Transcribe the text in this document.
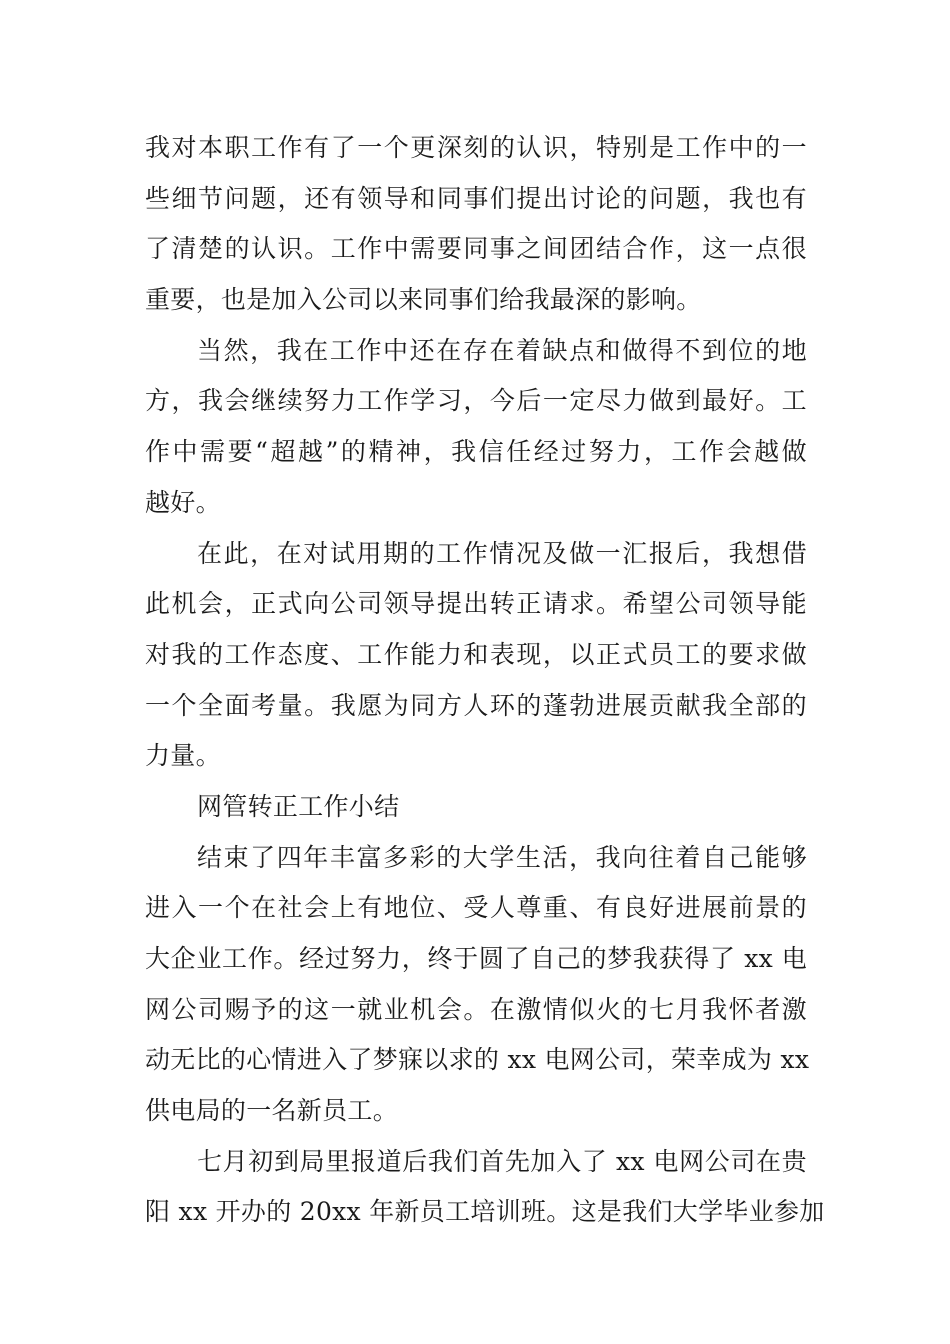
我对本职工作有了一个更深刻的认识，特别是工作中的一
些细节问题，还有领导和同事们提出讨论的问题，我也有
了清楚的认识。工作中需要同事之间团结合作，这一点很
重要，也是加入公司以来同事们给我最深的影响。
当然，我在工作中还在存在着缺点和做得不到位的地
方，我会继续努力工作学习，今后一定尽力做到最好。工
作中需要“超越”的精神，我信任经过努力，工作会越做
越好。
在此，在对试用期的工作情况及做一汇报后，我想借
此机会，正式向公司领导提出转正请求。希望公司领导能
对我的工作态度、工作能力和表现，以正式员工的要求做
一个全面考量。我愿为同方人环的蓬勃进展贡献我全部的
力量。
网管转正工作小结
结束了四年丰富多彩的大学生活，我向往着自己能够
进入一个在社会上有地位、受人尊重、有良好进展前景的
大企业工作。经过努力，终于圆了自己的梦我获得了 xx 电
网公司赐予的这一就业机会。在激情似火的七月我怀者激
动无比的心情进入了梦寐以求的 xx 电网公司，荣幸成为 xx
供电局的一名新员工。
七月初到局里报道后我们首先加入了 xx 电网公司在贵
阳 xx 开办的 20xx 年新员工培训班。这是我们大学毕业参加
